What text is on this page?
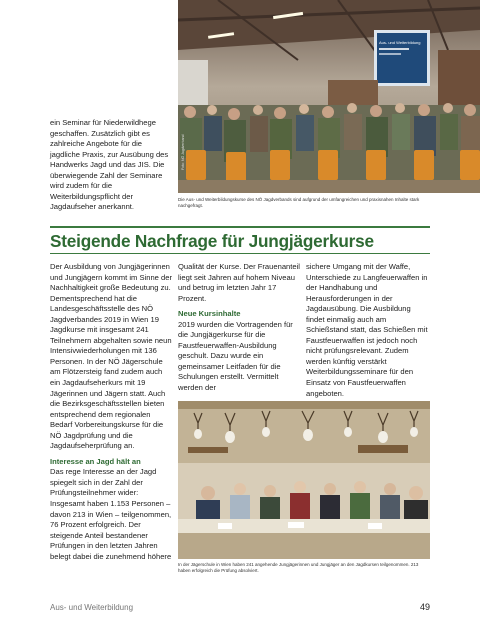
ein Seminar für Niederwildhege geschaffen. Zusätzlich gibt es zahlreiche Angebote für die jagdliche Praxis, zur Ausübung des Handwerks Jagd und das JIS. Die überwiegende Zahl der Seminare wird zudem für die Weiterbildungspflicht der Jagdaufseher anerkannt.

Aus- und Weiterbildung
Foto: NÖ Jagdverband
Die Aus- und Weiterbildungskurse des NÖ Jagdverbands sind aufgrund der umfangreichen und praxisnahen Inhalte stark nachgefragt.
Steigende Nachfrage für Jungjägerkurse

Der Ausbildung von Jungjägerinnen und Jungjägern kommt im Sinne der Nachhaltigkeit große Bedeutung zu. Dementsprechend hat die Landesgeschäftsstelle des NÖ Jagdverbandes 2019 in Wien 19 Jagdkurse mit insgesamt 241 Teilnehmern abgehalten sowie neun Intensivwiederholungen mit 136 Personen. In der NÖ Jägerschule am Flötzersteig fand zudem auch ein Jagdaufseherkurs mit 19 Jägerinnen und Jägern statt. Auch die Bezirksgeschäftsstellen bieten entsprechend dem regionalen Bedarf Vorbereitungskurse für die NÖ Jagdprüfung und die Jagdaufseherprüfung an.

Interesse an Jagd hält an

Das rege Interesse an der Jagd spiegelt sich in der Zahl der Prüfungsteilnehmer wider: Insgesamt haben 1.153 Personen – davon 213 in Wien – teilgenommen, 76 Prozent erfolgreich. Der steigende Anteil bestandener Prüfungen in den letzten Jahren belegt dabei die zunehmend höhere

Qualität der Kurse. Der Frauenanteil liegt seit Jahren auf hohem Niveau und betrug im letzten Jahr 17 Prozent.

Neue Kursinhalte

2019 wurden die Vortragenden für die Jungjägerkurse für die Faustfeuerwaffen-Ausbildung geschult. Dazu wurde ein gemeinsamer Leitfaden für die Schulungen erstellt. Vermittelt werden der

sichere Umgang mit der Waffe, Unterschiede zu Langfeuerwaffen in der Handhabung und Herausforderungen in der Jagdausübung. Die Ausbildung findet einmalig auch am Schießstand statt, das Schießen mit Faustfeuerwaffen ist jedoch noch nicht prüfungsrelevant. Zudem werden künftig verstärkt Weiterbildungsseminare für den Einsatz von Faustfeuerwaffen angeboten.

In der Jägerschule in Wien haben 241 angehende Jungjägerinnen und Jungjäger an den Jagdkursen teilgenommen. 213 haben erfolgreich die Prüfung absolviert.
Aus- und Weiterbildung	49
